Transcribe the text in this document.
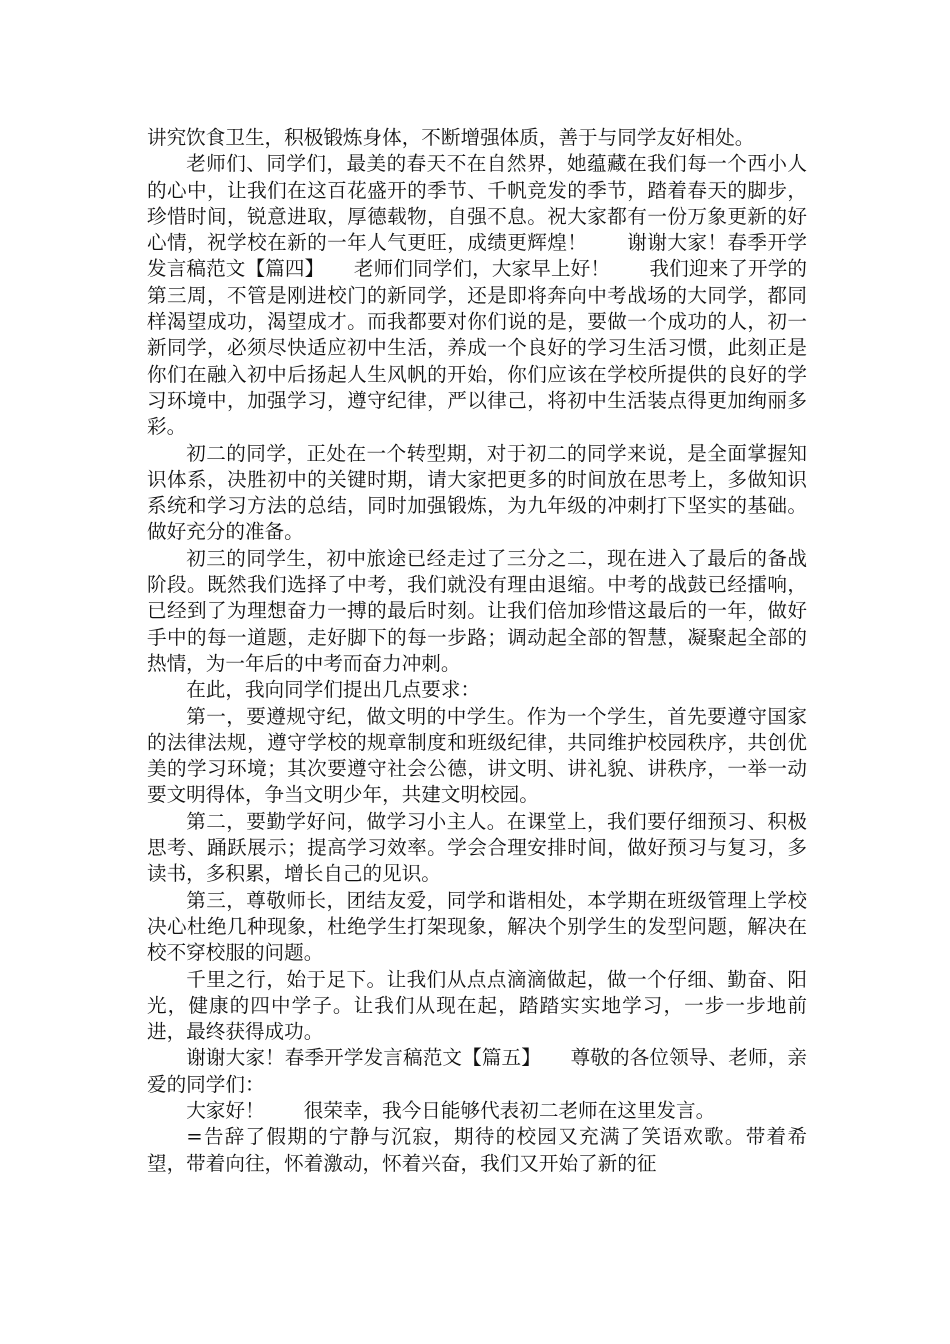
讲究饮食卫生，积极锻炼身体，不断增强体质，善于与同学友好相处。

老师们、同学们，最美的春天不在自然界，她蕴藏在我们每一个西小人的心中，让我们在这百花盛开的季节、千帆竞发的季节，踏着春天的脚步，珍惜时间，锐意进取，厚德载物，自强不息。祝大家都有一份万象更新的好心情，祝学校在新的一年人气更旺，成绩更辉煌！　　谢谢大家！春季开学发言稿范文【篇四】　　老师们同学们，大家早上好！　　我们迎来了开学的第三周，不管是刚进校门的新同学，还是即将奔向中考战场的大同学，都同样渴望成功，渴望成才。而我都要对你们说的是，要做一个成功的人，初一新同学，必须尽快适应初中生活，养成一个良好的学习生活习惯，此刻正是你们在融入初中后扬起人生风帆的开始，你们应该在学校所提供的良好的学习环境中，加强学习，遵守纪律，严以律己，将初中生活装点得更加绚丽多彩。

初二的同学，正处在一个转型期，对于初二的同学来说，是全面掌握知识体系，决胜初中的关键时期，请大家把更多的时间放在思考上，多做知识系统和学习方法的总结，同时加强锻炼，为九年级的冲刺打下坚实的基础。做好充分的准备。

初三的同学生，初中旅途已经走过了三分之二，现在进入了最后的备战阶段。既然我们选择了中考，我们就没有理由退缩。中考的战鼓已经擂响，已经到了为理想奋力一搏的最后时刻。让我们倍加珍惜这最后的一年，做好手中的每一道题，走好脚下的每一步路；调动起全部的智慧，凝聚起全部的热情，为一年后的中考而奋力冲刺。

在此，我向同学们提出几点要求：

第一，要遵规守纪，做文明的中学生。作为一个学生，首先要遵守国家的法律法规，遵守学校的规章制度和班级纪律，共同维护校园秩序，共创优美的学习环境；其次要遵守社会公德，讲文明、讲礼貌、讲秩序，一举一动要文明得体，争当文明少年，共建文明校园。

第二，要勤学好问，做学习小主人。在课堂上，我们要仔细预习、积极思考、踊跃展示；提高学习效率。学会合理安排时间，做好预习与复习，多读书，多积累，增长自己的见识。

第三，尊敬师长，团结友爱，同学和谐相处，本学期在班级管理上学校决心杜绝几种现象，杜绝学生打架现象，解决个别学生的发型问题，解决在校不穿校服的问题。

千里之行，始于足下。让我们从点点滴滴做起，做一个仔细、勤奋、阳光，健康的四中学子。让我们从现在起，踏踏实实地学习，一步一步地前进，最终获得成功。

谢谢大家！春季开学发言稿范文【篇五】　　尊敬的各位领导、老师，亲爱的同学们：

大家好！　　很荣幸，我今日能够代表初二老师在这里发言。

=告辞了假期的宁静与沉寂，期待的校园又充满了笑语欢歌。带着希望，带着向往，怀着激动，怀着兴奋，我们又开始了新的征
